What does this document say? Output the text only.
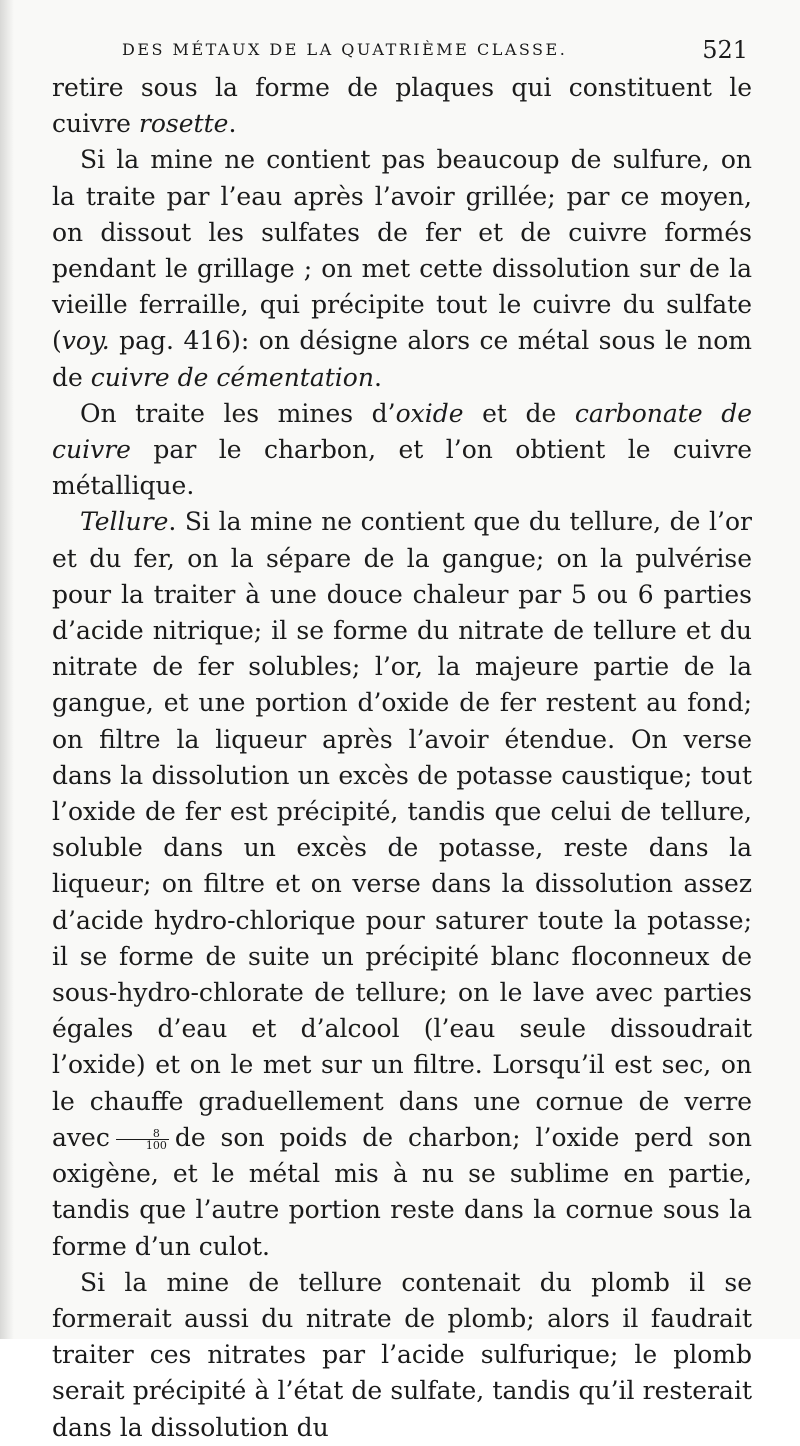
DES MÉTAUX DE LA QUATRIÈME CLASSE.	521

retire sous la forme de plaques qui constituent le cuivre rosette.

Si la mine ne contient pas beaucoup de sulfure, on la traite par l’eau après l’avoir grillée; par ce moyen, on dissout les sulfates de fer et de cuivre formés pendant le grillage ; on met cette dissolution sur de la vieille ferraille, qui précipite tout le cuivre du sulfate (voy. pag. 416): on désigne alors ce métal sous le nom de cuivre de cémentation.

On traite les mines d’oxide et de carbonate de cuivre par le charbon, et l’on obtient le cuivre métallique.

Tellure. Si la mine ne contient que du tellure, de l’or et du fer, on la sépare de la gangue; on la pulvérise pour la traiter à une douce chaleur par 5 ou 6 parties d’acide nitrique; il se forme du nitrate de tellure et du nitrate de fer solubles; l’or, la majeure partie de la gangue, et une portion d’oxide de fer restent au fond; on filtre la liqueur après l’avoir étendue. On verse dans la dissolution un excès de potasse caustique; tout l’oxide de fer est précipité, tandis que celui de tellure, soluble dans un excès de potasse, reste dans la liqueur; on filtre et on verse dans la dissolution assez d’acide hydro-chlorique pour saturer toute la potasse; il se forme de suite un précipité blanc floconneux de sous-hydro-chlorate de tellure; on le lave avec parties égales d’eau et d’alcool (l’eau seule dissoudrait l’oxide) et on le met sur un filtre. Lorsqu’il est sec, on le chauffe graduellement dans une cornue de verre avec $\frac{8}{100}$ de son poids de charbon; l’oxide perd son oxigène, et le métal mis à nu se sublime en partie, tandis que l’autre portion reste dans la cornue sous la forme d’un culot.

Si la mine de tellure contenait du plomb il se formerait aussi du nitrate de plomb; alors il faudrait traiter ces nitrates par l’acide sulfurique; le plomb serait précipité à l’état de sulfate, tandis qu’il resterait dans la dissolution du
